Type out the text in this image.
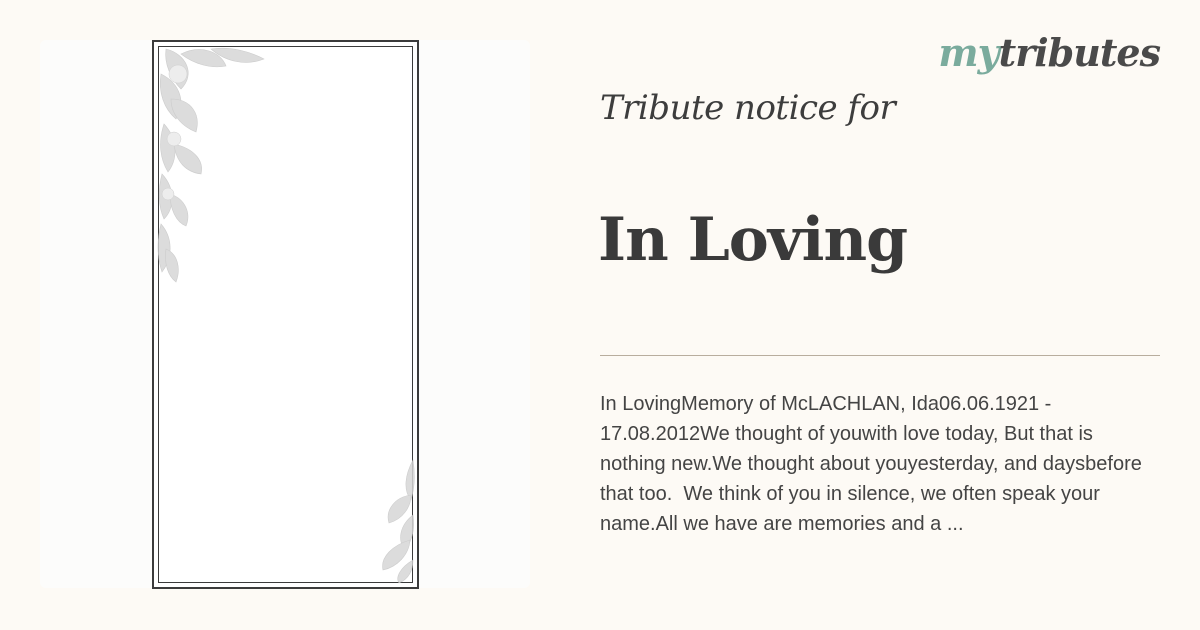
mytributes
Tribute notice for
In Loving
In LovingMemory of McLACHLAN, Ida06.06.1921 - 17.08.2012We thought of youwith love today, But that is nothing new.We thought about youyesterday, and daysbefore that too.  We think of you in silence, we often speak your name.All we have are memories and a ...
